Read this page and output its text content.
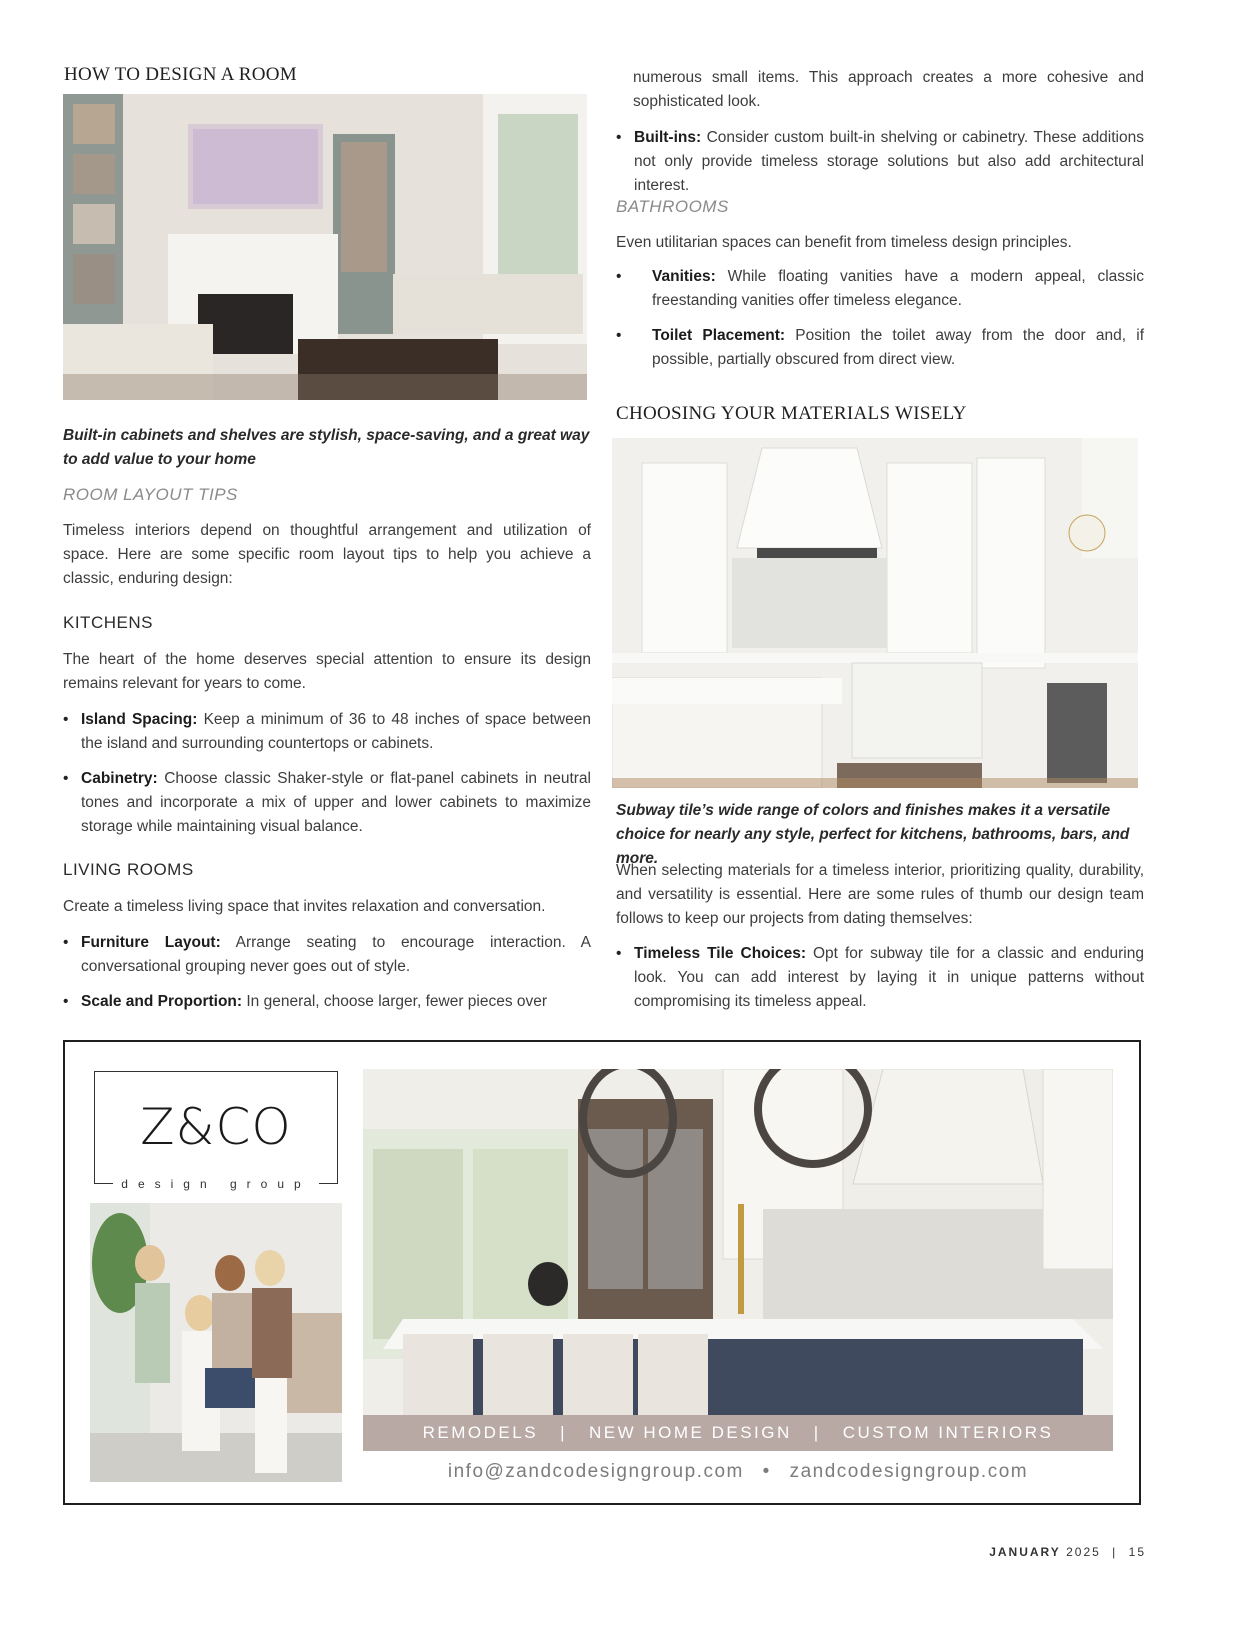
HOW TO DESIGN A ROOM
Built-in cabinets and shelves are stylish, space-saving, and a great way to add value to your home
ROOM LAYOUT TIPS
Timeless interiors depend on thoughtful arrangement and utilization of space. Here are some specific room layout tips to help you achieve a classic, enduring design:
KITCHENS
The heart of the home deserves special attention to ensure its design remains relevant for years to come.
• Island Spacing: Keep a minimum of 36 to 48 inches of space between the island and surrounding countertops or cabinets.
• Cabinetry: Choose classic Shaker-style or flat-panel cabinets in neutral tones and incorporate a mix of upper and lower cabinets to maximize storage while maintaining visual balance.
LIVING ROOMS
Create a timeless living space that invites relaxation and conversation.
• Furniture Layout: Arrange seating to encourage interaction. A conversational grouping never goes out of style.
• Scale and Proportion: In general, choose larger, fewer pieces over
numerous small items. This approach creates a more cohesive and sophisticated look.
• Built-ins: Consider custom built-in shelving or cabinetry. These additions not only provide timeless storage solutions but also add architectural interest.
BATHROOMS
Even utilitarian spaces can benefit from timeless design principles.
• Vanities: While floating vanities have a modern appeal, classic freestanding vanities offer timeless elegance.
• Toilet Placement: Position the toilet away from the door and, if possible, partially obscured from direct view.
CHOOSING YOUR MATERIALS WISELY
Subway tile’s wide range of colors and finishes makes it a versatile choice for nearly any style, perfect for kitchens, bathrooms, bars, and more.
When selecting materials for a timeless interior, prioritizing quality, durability, and versatility is essential. Here are some rules of thumb our design team follows to keep our projects from dating themselves:
• Timeless Tile Choices: Opt for subway tile for a classic and enduring look. You can add interest by laying it in unique patterns without compromising its timeless appeal.
Z&CO
design group
REMODELS | NEW HOME DESIGN | CUSTOM INTERIORS
info@zandcodesigngroup.com • zandcodesigngroup.com
JANUARY 2025 | 15
